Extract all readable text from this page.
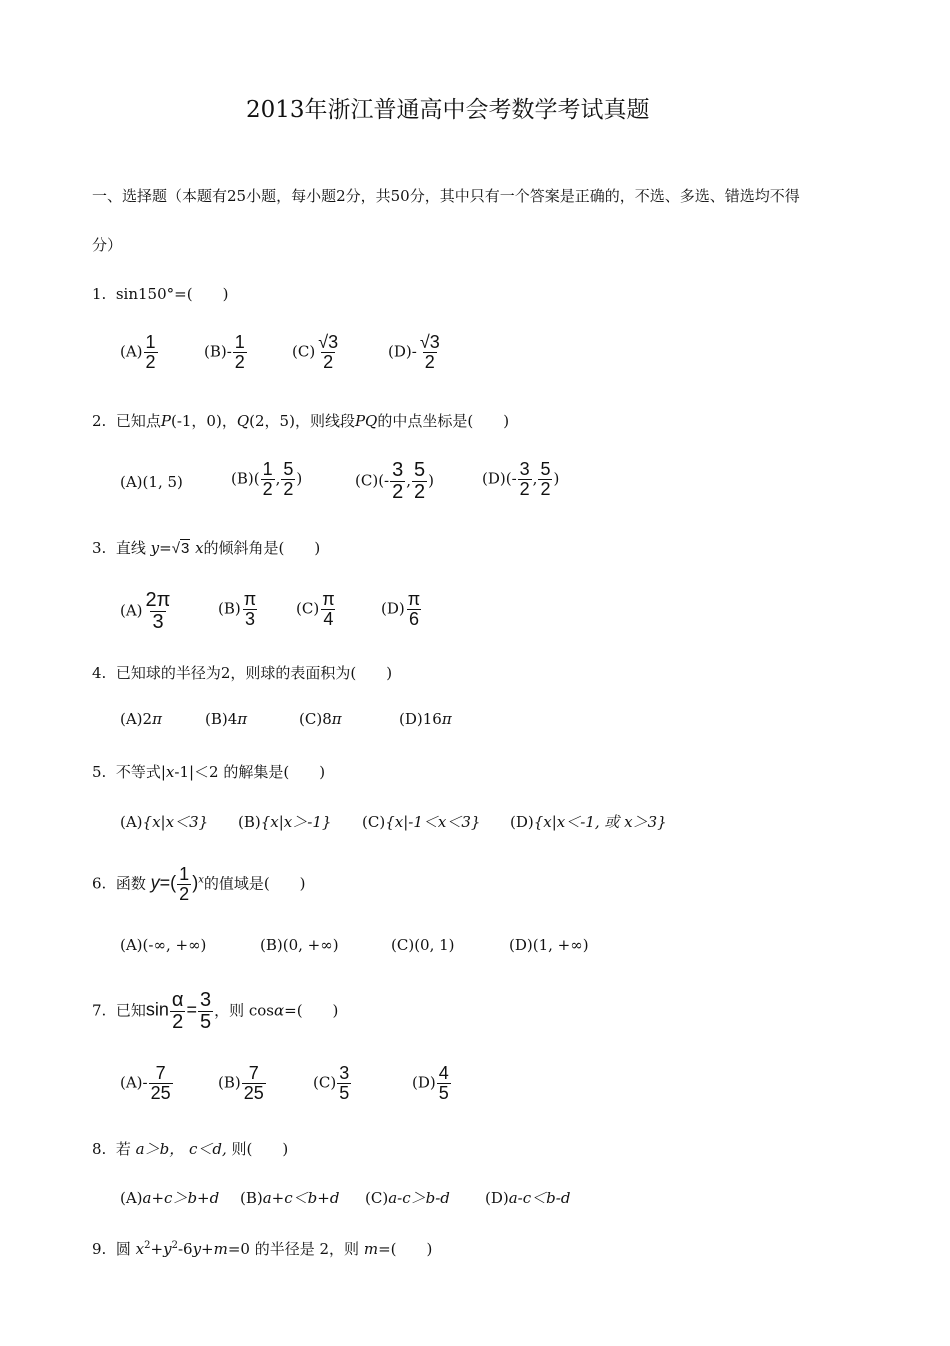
2013年浙江普通高中会考数学考试真题
一、选择题（本题有25小题，每小题2分，共50分，其中只有一个答案是正确的，不选、多选、错选均不得
分）
1. sin150°=(　　)
$(A) \frac{1}{2}$	$(B)- \frac{1}{2}$	$(C) \frac{√3}{2}$	$(D)- \frac{√3}{2}$
2. 已知点P(-1，0)，Q(2，5)，则线段PQ的中点坐标是(　　)
(A)(1, 5)	$(B)( \frac{1}{2}$ , $\frac{5}{2}$ )	$(C)(- \frac{3}{2}$ , $\frac{5}{2}$ )	$(D)(- \frac{3}{2}$ , $\frac{5}{2}$ )
3. 直线 y=√3 x的倾斜角是(　　)
$(A) \frac{2\pi}{3}$	$(B) \frac{\pi}{3}$	$(C) \frac{\pi}{4}$	$(D) \frac{\pi}{6}$
4. 已知球的半径为2，则球的表面积为(　　)
(A)2π	(B)4π	(C)8π	(D)16π
5. 不等式|x-1|＜2 的解集是(　　)
(A){x|x＜3} (B){x|x＞-1} (C){x|-1＜x＜3} (D){x|x＜-1, 或 x＞3}
6. 函数 $y=( \frac{1}{2} )^x$的值域是(　　)
(A)(-∞, +∞)	(B)(0, +∞)	(C)(0, 1)	(D)(1, +∞)
7. 已知$\sin \frac{\alpha}{2} = \frac{3}{5}$ ，则 cosα=(　　)
$(A)- \frac{7}{25}$	$(B) \frac{7}{25}$	$(C) \frac{3}{5}$	$(D) \frac{4}{5}$
8. 若 a＞b， c＜d, 则(　　)
(A)a+c＞b+d (B)a+c＜b+d (C)a-c＞b-d (D)a-c＜b-d
9. 圆 $x^2+y^2-6y+m=0$ 的半径是 2，则 m=(　　)
